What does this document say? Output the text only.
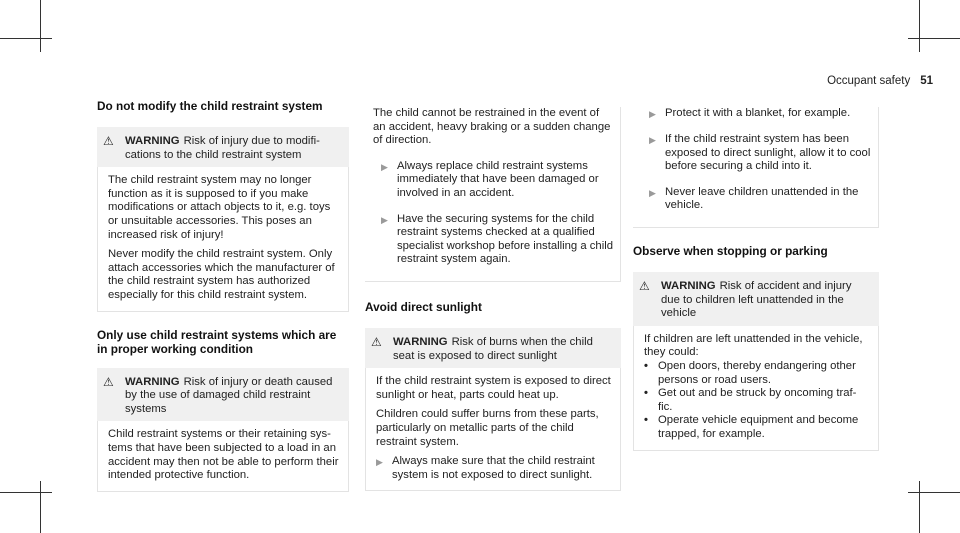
Occupant safety 51
Do not modify the child restraint system
⚠ WARNING Risk of injury due to modifi-cations to the child restraint system

The child restraint system may no longer function as it is supposed to if you make modifications or attach objects to it, e.g. toys or unsuitable accessories. This poses an increased risk of injury!

Never modify the child restraint system. Only attach accessories which the manufacturer of the child restraint system has authorized especially for this child restraint system.

Only use child restraint systems which are in proper working condition
⚠ WARNING Risk of injury or death caused by the use of damaged child restraint systems

Child restraint systems or their retaining sys-tems that have been subjected to a load in an accident may then not be able to perform their intended protective function.

The child cannot be restrained in the event of an accident, heavy braking or a sudden change of direction.

▶ Always replace child restraint systems immediately that have been damaged or involved in an accident.

▶ Have the securing systems for the child restraint systems checked at a qualified specialist workshop before installing a child restraint system again.

Avoid direct sunlight
⚠ WARNING Risk of burns when the child seat is exposed to direct sunlight

If the child restraint system is exposed to direct sunlight or heat, parts could heat up.

Children could suffer burns from these parts, particularly on metallic parts of the child restraint system.

▶ Always make sure that the child restraint system is not exposed to direct sunlight.

▶ Protect it with a blanket, for example.

▶ If the child restraint system has been exposed to direct sunlight, allow it to cool before securing a child into it.

▶ Never leave children unattended in the vehicle.

Observe when stopping or parking
⚠ WARNING Risk of accident and injury due to children left unattended in the vehicle

If children are left unattended in the vehicle, they could:

• Open doors, thereby endangering other persons or road users.

• Get out and be struck by oncoming traf-fic.

• Operate vehicle equipment and become trapped, for example.
